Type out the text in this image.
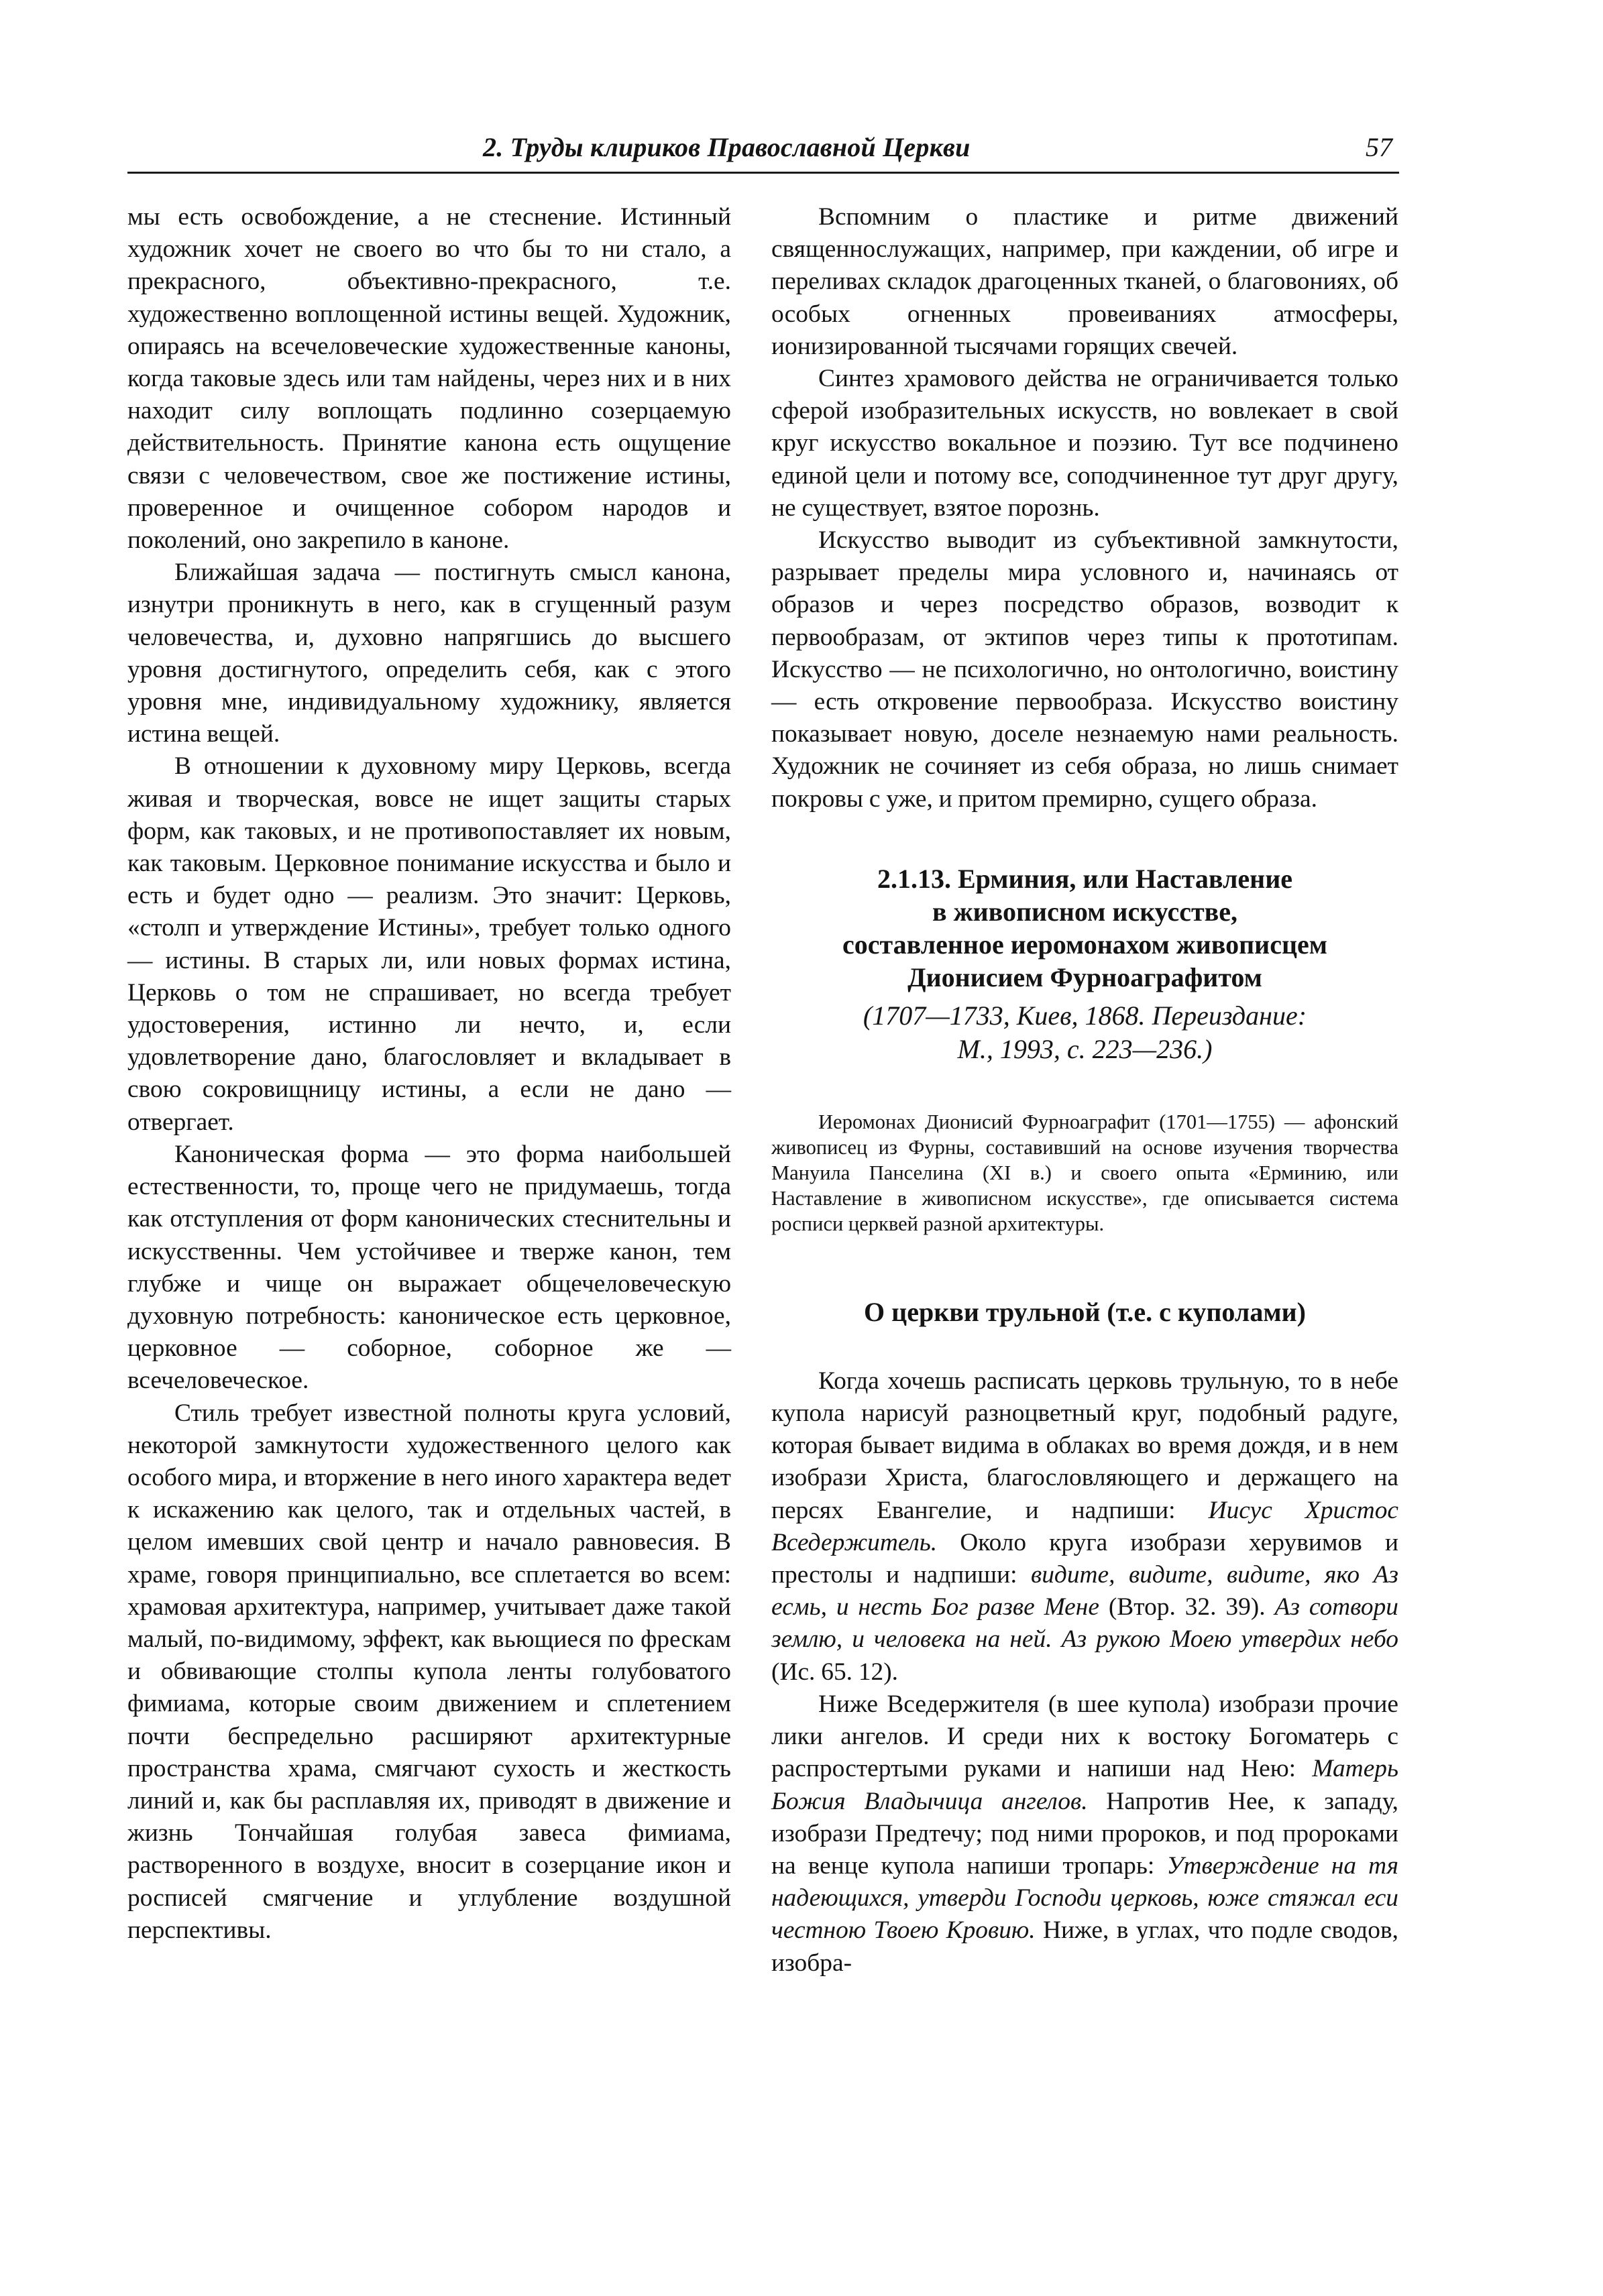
2. Труды клириков Православной Церкви	57

мы есть освобождение, а не стеснение. Истинный художник хочет не своего во что бы то ни стало, а прекрасного, объективно-прекрасного, т.е. художественно воплощенной истины вещей. Художник, опираясь на всечеловеческие художественные каноны, когда таковые здесь или там найдены, через них и в них находит силу воплощать подлинно созерцаемую действительность. Принятие канона есть ощущение связи с человечеством, свое же постижение истины, проверенное и очищенное собором народов и поколений, оно закрепило в каноне.

Ближайшая задача — постигнуть смысл канона, изнутри проникнуть в него, как в сгущенный разум человечества, и, духовно напрягшись до высшего уровня достигнутого, определить себя, как с этого уровня мне, индивидуальному художнику, является истина вещей.

В отношении к духовному миру Церковь, всегда живая и творческая, вовсе не ищет защиты старых форм, как таковых, и не противопоставляет их новым, как таковым. Церковное понимание искусства и было и есть и будет одно — реализм. Это значит: Церковь, «столп и утверждение Истины», требует только одного — истины. В старых ли, или новых формах истина, Церковь о том не спрашивает, но всегда требует удостоверения, истинно ли нечто, и, если удовлетворение дано, благословляет и вкладывает в свою сокровищницу истины, а если не дано — отвергает.

Каноническая форма — это форма наибольшей естественности, то, проще чего не придумаешь, тогда как отступления от форм канонических стеснительны и искусственны. Чем устойчивее и тверже канон, тем глубже и чище он выражает общечеловеческую духовную потребность: каноническое есть церковное, церковное — соборное, соборное же — всечеловеческое.

Стиль требует известной полноты круга условий, некоторой замкнутости художественного целого как особого мира, и вторжение в него иного характера ведет к искажению как целого, так и отдельных частей, в целом имевших свой центр и начало равновесия. В храме, говоря принципиально, все сплетается во всем: храмовая архитектура, например, учитывает даже такой малый, по-видимому, эффект, как вьющиеся по фрескам и обвивающие столпы купола ленты голубоватого фимиама, которые своим движением и сплетением почти беспредельно расширяют архитектурные пространства храма, смягчают сухость и жесткость линий и, как бы расплавляя их, приводят в движение и жизнь Тончайшая голубая завеса фимиама, растворенного в воздухе, вносит в созерцание икон и росписей смягчение и углубление воздушной перспективы.

Вспомним о пластике и ритме движений священнослужащих, например, при каждении, об игре и переливах складок драгоценных тканей, о благовониях, об особых огненных провеиваниях атмосферы, ионизированной тысячами горящих свечей.

Синтез храмового действа не ограничивается только сферой изобразительных искусств, но вовлекает в свой круг искусство вокальное и поэзию. Тут все подчинено единой цели и потому все, соподчиненное тут друг другу, не существует, взятое порознь.

Искусство выводит из субъективной замкнутости, разрывает пределы мира условного и, начинаясь от образов и через посредство образов, возводит к первообразам, от эктипов через типы к прототипам. Искусство — не психологично, но онтологично, воистину — есть откровение первообраза. Искусство воистину показывает новую, доселе незнаемую нами реальность. Художник не сочиняет из себя образа, но лишь снимает покровы с уже, и притом премирно, сущего образа.

2.1.13. Ерминия, или Наставление
в живописном искусстве,
составленное иеромонахом живописцем
Дионисием Фурноаграфитом
(1707—1733, Киев, 1868. Переиздание:
М., 1993, с. 223—236.)

Иеромонах Дионисий Фурноаграфит (1701—1755) — афонский живописец из Фурны, составивший на основе изучения творчества Мануила Панселина (XI в.) и своего опыта «Ерминию, или Наставление в живописном искусстве», где описывается система росписи церквей разной архитектуры.

О церкви трульной (т.е. с куполами)

Когда хочешь расписать церковь трульную, то в небе купола нарисуй разноцветный круг, подобный радуге, которая бывает видима в облаках во время дождя, и в нем изобрази Христа, благословляющего и держащего на персях Евангелие, и надпиши: Иисус Христос Вседержитель. Около круга изобрази херувимов и престолы и надпиши: видите, видите, видите, яко Аз есмь, и несть Бог разве Мене (Втор. 32. 39). Аз сотвори землю, и человека на ней. Аз рукою Моею утвердих небо (Ис. 65. 12).

Ниже Вседержителя (в шее купола) изобрази прочие лики ангелов. И среди них к востоку Богоматерь с распростертыми руками и напиши над Нею: Матерь Божия Владычица ангелов. Напротив Нее, к западу, изобрази Предтечу; под ними пророков, и под пророками на венце купола напиши тропарь: Утверждение на тя надеющихся, утверди Господи церковь, юже стяжал еси честною Твоею Кровию. Ниже, в углах, что подле сводов, изобра-
